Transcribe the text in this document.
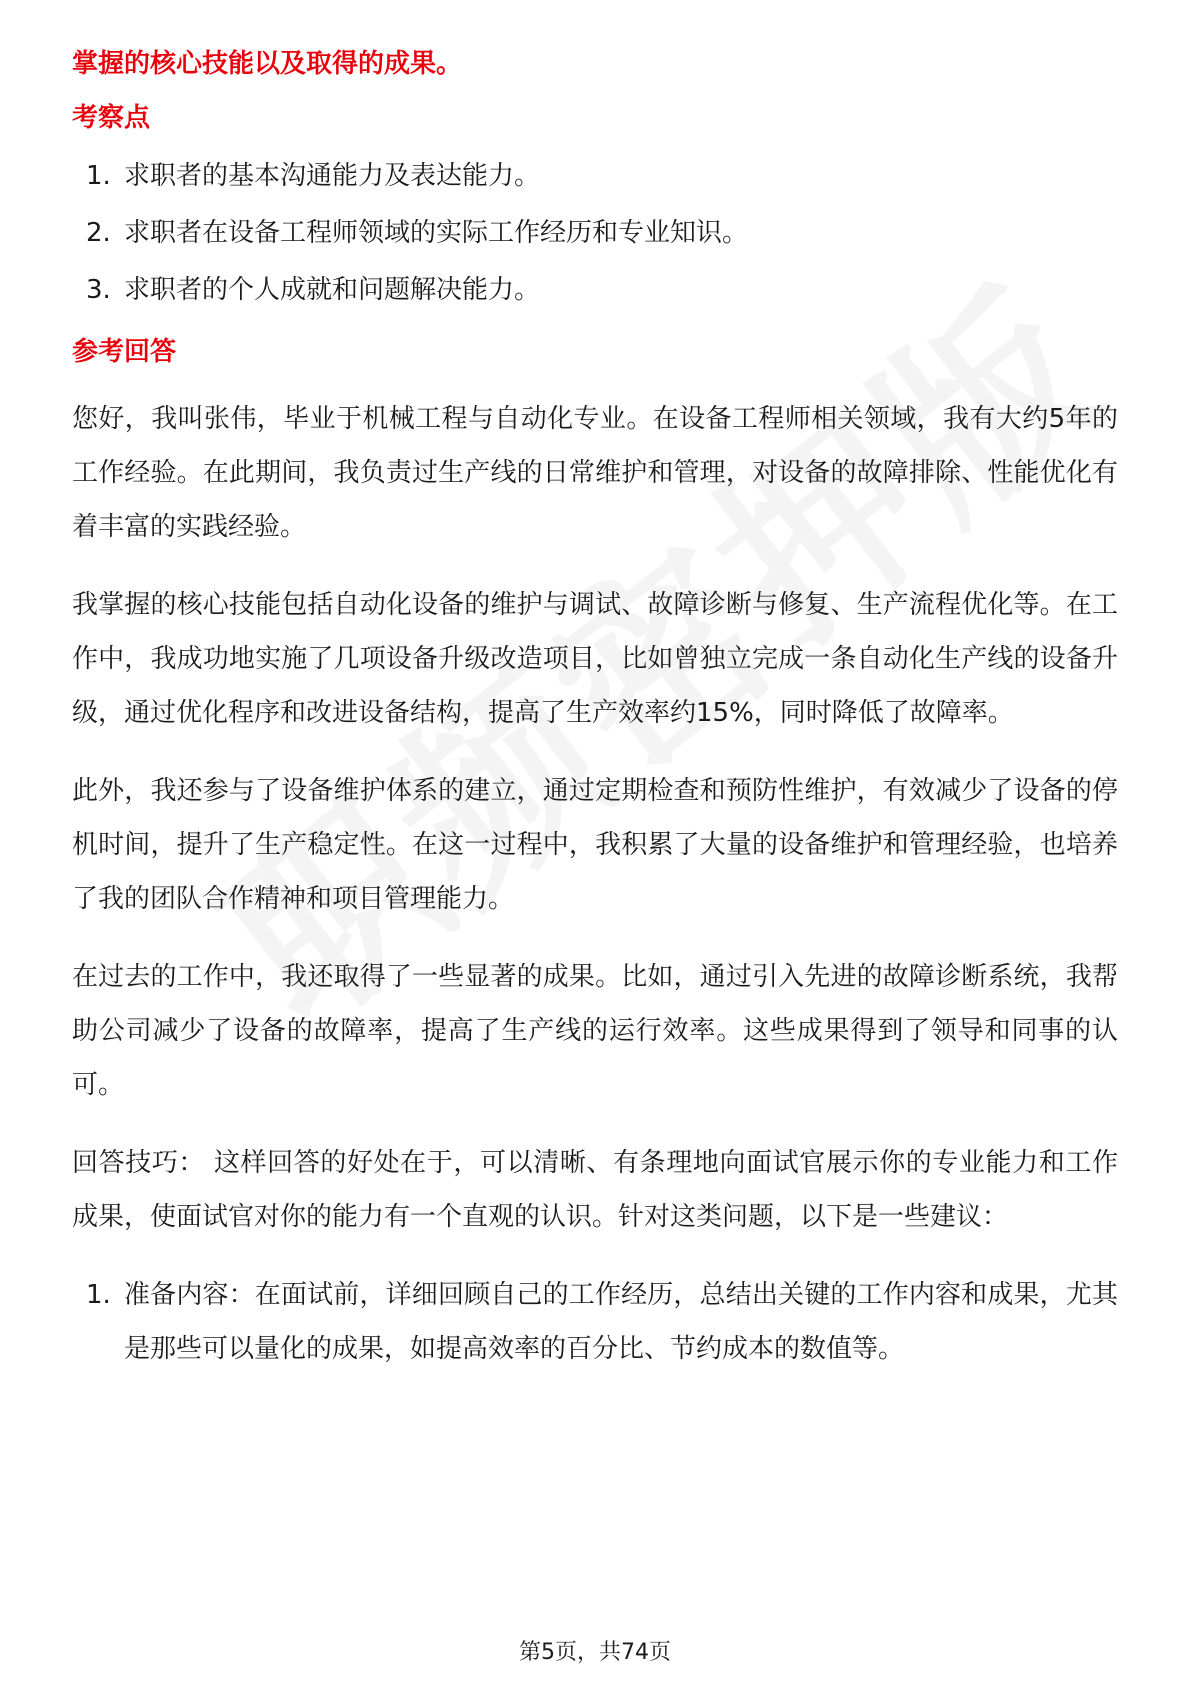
掌握的核心技能以及取得的成果。

考察点

1. 求职者的基本沟通能力及表达能力。
2. 求职者在设备工程师领域的实际工作经历和专业知识。
3. 求职者的个人成就和问题解决能力。

参考回答

您好，我叫张伟，毕业于机械工程与自动化专业。在设备工程师相关领域，我有大约5年的工作经验。在此期间，我负责过生产线的日常维护和管理，对设备的故障排除、性能优化有着丰富的实践经验。

我掌握的核心技能包括自动化设备的维护与调试、故障诊断与修复、生产流程优化等。在工作中，我成功地实施了几项设备升级改造项目，比如曾独立完成一条自动化生产线的设备升级，通过优化程序和改进设备结构，提高了生产效率约15%，同时降低了故障率。

此外，我还参与了设备维护体系的建立，通过定期检查和预防性维护，有效减少了设备的停机时间，提升了生产稳定性。在这一过程中，我积累了大量的设备维护和管理经验，也培养了我的团队合作精神和项目管理能力。

在过去的工作中，我还取得了一些显著的成果。比如，通过引入先进的故障诊断系统，我帮助公司减少了设备的故障率，提高了生产线的运行效率。这些成果得到了领导和同事的认可。

回答技巧： 这样回答的好处在于，可以清晰、有条理地向面试官展示你的专业能力和工作成果，使面试官对你的能力有一个直观的认识。针对这类问题，以下是一些建议：

1. 准备内容：在面试前，详细回顾自己的工作经历，总结出关键的工作内容和成果，尤其是那些可以量化的成果，如提高效率的百分比、节约成本的数值等。
第5页，共74页
